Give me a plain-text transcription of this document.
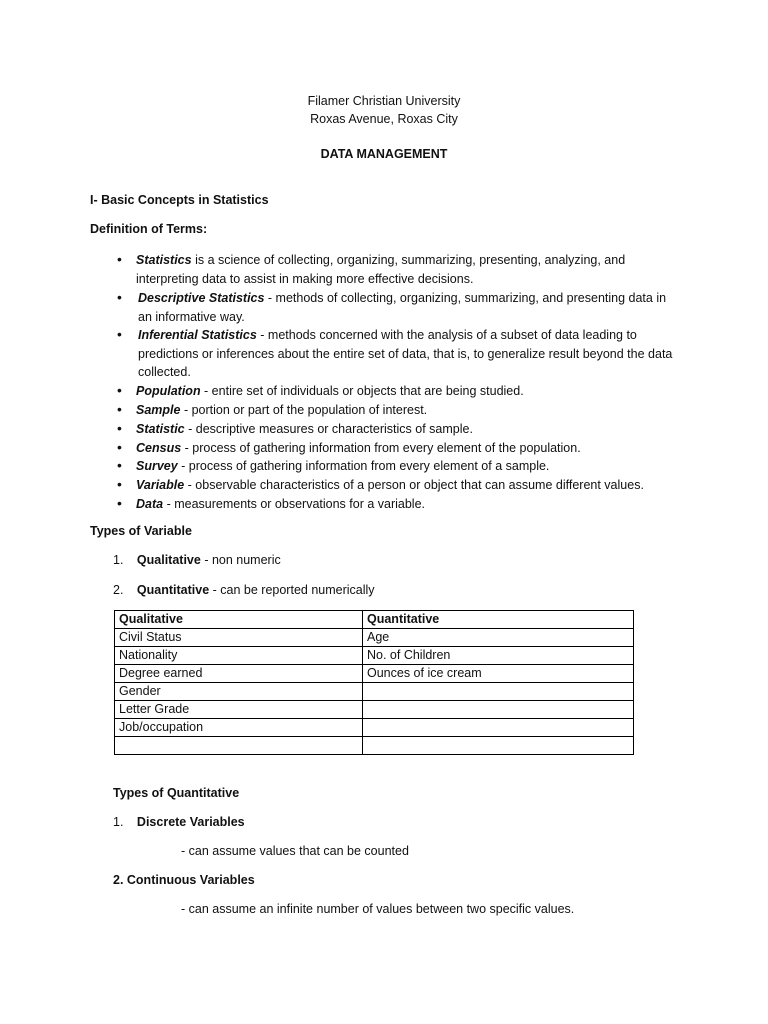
Filamer Christian University
Roxas Avenue, Roxas City
DATA MANAGEMENT
I- Basic Concepts in Statistics
Definition of Terms:
• Statistics is a science of collecting, organizing, summarizing, presenting, analyzing, and interpreting data to assist in making more effective decisions.
• Descriptive Statistics - methods of collecting, organizing, summarizing, and presenting data in an informative way.
• Inferential Statistics - methods concerned with the analysis of a subset of data leading to predictions or inferences about the entire set of data, that is, to generalize result beyond the data collected.
• Population - entire set of individuals or objects that are being studied.
• Sample - portion or part of the population of interest.
• Statistic - descriptive measures or characteristics of sample.
• Census - process of gathering information from every element of the population.
• Survey - process of gathering information from every element of a sample.
• Variable - observable characteristics of a person or object that can assume different values.
• Data - measurements or observations for a variable.
Types of Variable
1. Qualitative - non numeric
2. Quantitative - can be reported numerically
Qualitative	Quantitative
Civil Status	Age
Nationality	No. of Children
Degree earned	Ounces of ice cream
Gender	
Letter Grade	
Job/occupation	

Types of Quantitative
1. Discrete Variables
- can assume values that can be counted
2. Continuous Variables
- can assume an infinite number of values between two specific values.
